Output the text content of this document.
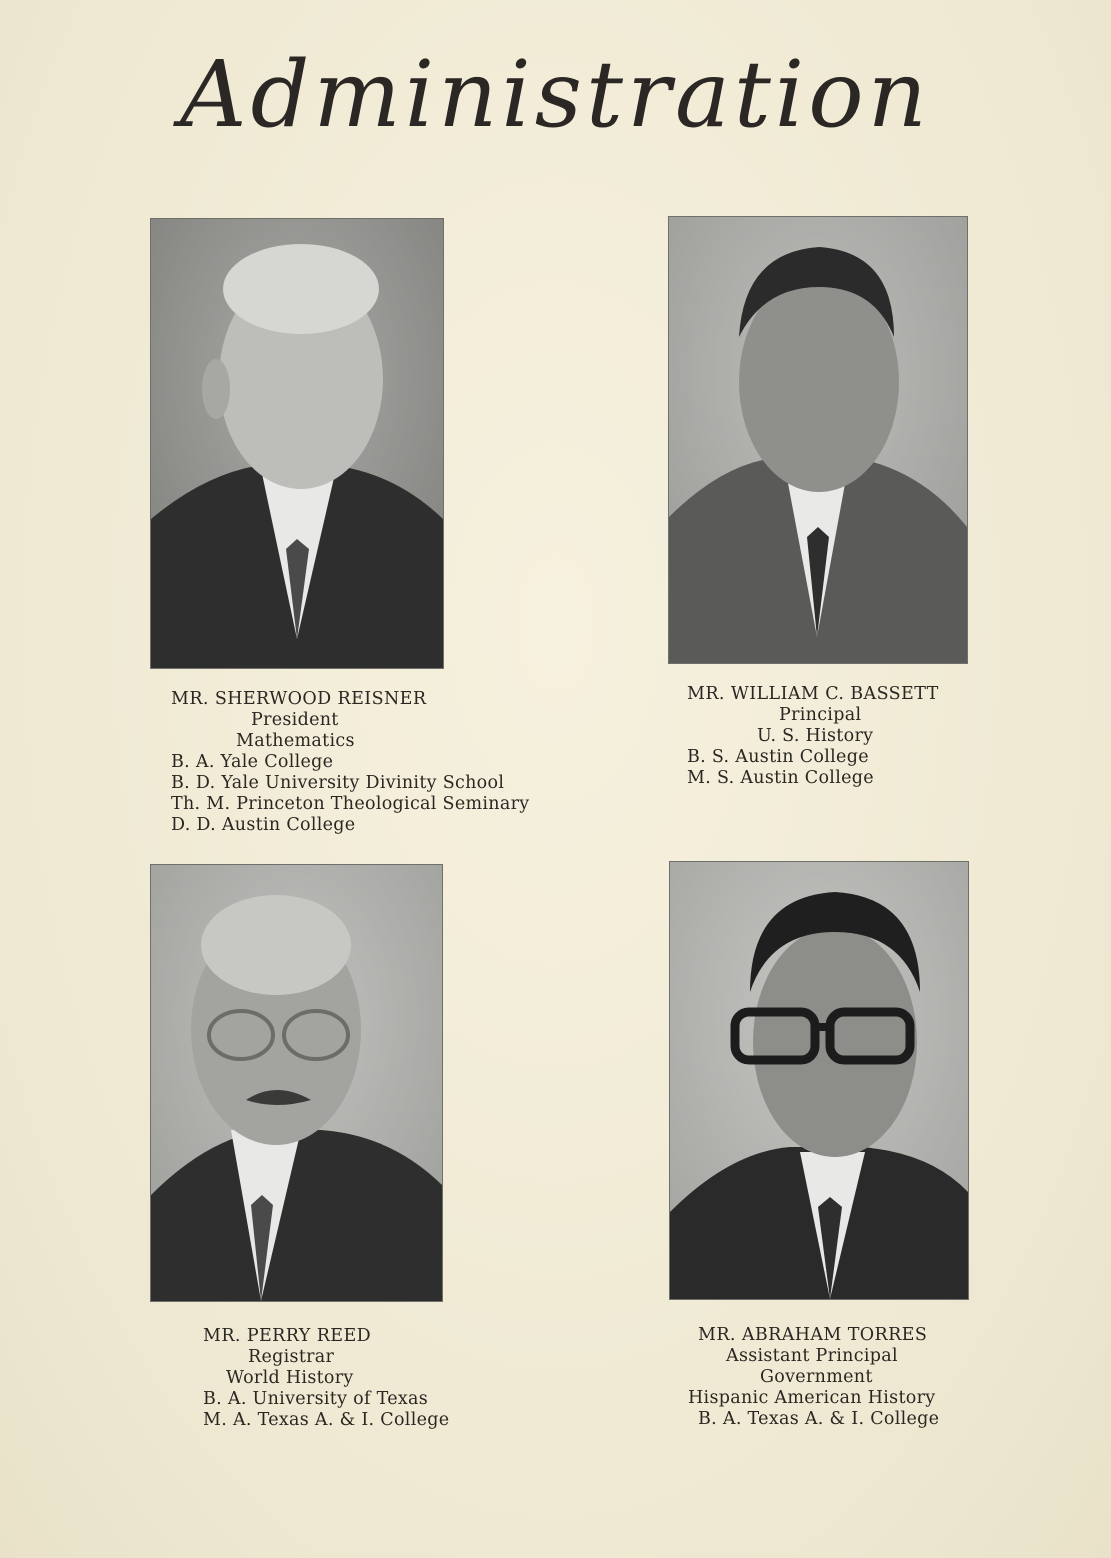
Administration
MR. SHERWOOD REISNER
President
Mathematics
B. A. Yale College
B. D. Yale University Divinity School
Th. M. Princeton Theological Seminary
D. D. Austin College
MR. WILLIAM C. BASSETT
Principal
U. S. History
B. S. Austin College
M. S. Austin College
MR. PERRY REED
Registrar
World History
B. A. University of Texas
M. A. Texas A. & I. College
MR. ABRAHAM TORRES
Assistant Principal
Government
Hispanic American History
B. A. Texas A. & I. College
